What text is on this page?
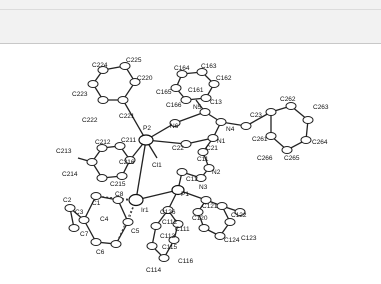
C224
C225
C220
C223
C222
C221
C164 C163
C165
C162
C161
C166 N5
C13
C23
C262
C263
N6	N4
C261	C264
C266 C265
P2
C22	C21
N1
C212
C213
C211
C216
C214
C215
C11
Cl1
N2
C12
N3
Ir1
C1
C8
C2
C3
C4
C5
C7
C6
P1
C126
C121
C122
C112
C120
C111
C124 C123
C113
C115
C116
C114
